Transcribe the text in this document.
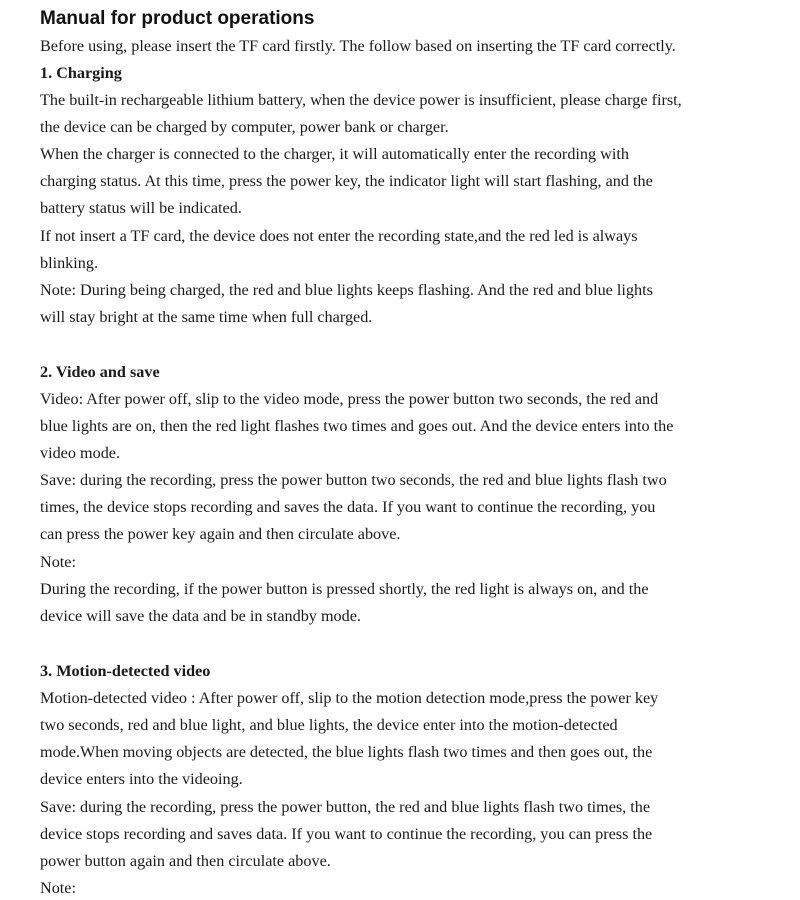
Manual for product operations
Before using, please insert the TF card firstly. The follow based on inserting the TF card correctly.
1. Charging
The built-in rechargeable lithium battery, when the device power is insufficient, please charge first,
the device can be charged by computer, power bank or charger.
When the charger is connected to the charger, it will automatically enter the recording with
charging status. At this time, press the power key, the indicator light will start flashing, and the
battery status will be indicated.
If not insert a TF card, the device does not enter the recording state,and the red led is always
blinking.
Note: During being charged, the red and blue lights keeps flashing. And the red and blue lights
will stay bright at the same time when full charged.
2. Video and save
Video: After power off, slip to the video mode, press the power button two seconds, the red and
blue lights are on, then the red light flashes two times and goes out. And the device enters into the
video mode.
Save: during the recording, press the power button two seconds, the red and blue lights flash two
times, the device stops recording and saves the data. If you want to continue the recording, you
can press the power key again and then circulate above.
Note:
During the recording, if the power button is pressed shortly, the red light is always on, and the
device will save the data and be in standby mode.
3. Motion-detected video
Motion-detected video : After power off, slip to the motion detection mode,press the power key
two seconds, red and blue light, and blue lights, the device enter into the motion-detected
mode.When moving objects are detected, the blue lights flash two times and then goes out, the
device enters into the videoing.
Save: during the recording, press the power button, the red and blue lights flash two times, the
device stops recording and saves data. If you want to continue the recording, you can press the
power button again and then circulate above.
Note:
